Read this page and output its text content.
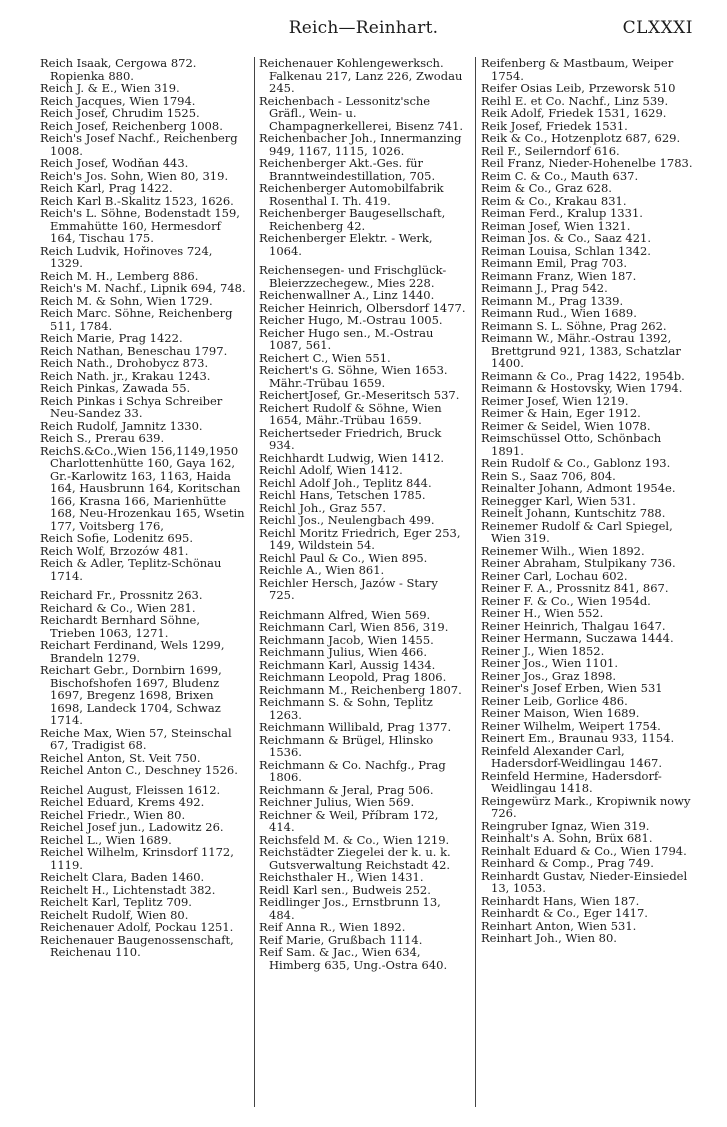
Reich—Reinhart.	CLXXXI
Reich Isaak, Cergowa 872. Ropienka 880.
Reich J. & E., Wien 319.
Reich Jacques, Wien 1794.
Reich Josef, Chrudim 1525.
Reich Josef, Reichenberg 1008.
Reich's Josef Nachf., Reichenberg 1008.
Reich Josef, Wodňan 443.
Reich's Jos. Sohn, Wien 80, 319.
Reich Karl, Prag 1422.
Reich Karl B.-Skalitz 1523, 1626.
Reich's L. Söhne, Bodenstadt 159, Emmahütte 160, Hermesdorf 164, Tischau 175.
Reich Ludvik, Hořinoves 724, 1329.
Reich M. H., Lemberg 886.
Reich's M. Nachf., Lipnik 694, 748.
Reich M. & Sohn, Wien 1729.
Reich Marc. Söhne, Reichenberg 511, 1784.
Reich Marie, Prag 1422.
Reich Nathan, Beneschau 1797.
Reich Nath., Drohobycz 873.
Reich Nath. jr., Krakau 1243.
Reich Pinkas, Zawada 55.
Reich Pinkas i Schya Schreiber Neu-Sandez 33.
Reich Rudolf, Jamnitz 1330.
Reich S., Prerau 639.
ReichS.&Co.,Wien 156,1149,1950 Charlottenhütte 160, Gaya 162, Gr.-Karlowitz 163, 1163, Haida 164, Hausbrunn 164, Koritschan 166, Krasna 166, Marienhütte 168, Neu-Hrozenkau 165, Wsetin 177, Voitsberg 176,
Reich Sofie, Lodenitz 695.
Reich Wolf, Brzozów 481.
Reich & Adler, Teplitz-Schönau 1714.
Reichard Fr., Prossnitz 263.
Reichard & Co., Wien 281.
Reichardt Bernhard Söhne, Trieben 1063, 1271.
Reichart Ferdinand, Wels 1299, Brandeln 1279.
Reichart Gebr., Dornbirn 1699, Bischofshofen 1697, Bludenz 1697, Bregenz 1698, Brixen 1698, Landeck 1704, Schwaz 1714.
Reiche Max, Wien 57, Steinschal 67, Tradigist 68.
Reichel Anton, St. Veit 750.
Reichel Anton C., Deschney 1526.
Reichel August, Fleissen 1612.
Reichel Eduard, Krems 492.
Reichel Friedr., Wien 80.
Reichel Josef jun., Ladowitz 26.
Reichel L., Wien 1689.
Reichel Wilhelm, Krinsdorf 1172, 1119.
Reichelt Clara, Baden 1460.
Reichelt H., Lichtenstadt 382.
Reichelt Karl, Teplitz 709.
Reichelt Rudolf, Wien 80.
Reichenauer Adolf, Pockau 1251.
Reichenauer Baugenossenschaft, Reichenau 110.
Reichenauer Kohlengewerksch. Falkenau 217, Lanz 226, Zwodau 245.
Reichenbach - Lessonitz'sche Gräfl., Wein- u. Champagnerkellerei, Bisenz 741.
Reichenbacher Joh., Innermanzing 949, 1167, 1115, 1026.
Reichenberger Akt.-Ges. für Branntweindestillation, 705.
Reichenberger Automobilfabrik Rosenthal I. Th. 419.
Reichenberger Baugesellschaft, Reichenberg 42.
Reichenberger Elektr. - Werk, 1064.
Reichensegen- und Frischglück-Bleierzzechegew., Mies 228.
Reichenwallner A., Linz 1440.
Reicher Heinrich, Olbersdorf 1477.
Reicher Hugo, M.-Ostrau 1005.
Reicher Hugo sen., M.-Ostrau 1087, 561.
Reichert C., Wien 551.
Reichert's G. Söhne, Wien 1653. Mähr.-Trübau 1659.
ReichertJosef, Gr.-Meseritsch 537.
Reichert Rudolf & Söhne, Wien 1654, Mähr.-Trübau 1659.
Reichertseder Friedrich, Bruck 934.
Reichhardt Ludwig, Wien 1412.
Reichl Adolf, Wien 1412.
Reichl Adolf Joh., Teplitz 844.
Reichl Hans, Tetschen 1785.
Reichl Joh., Graz 557.
Reichl Jos., Neulengbach 499.
Reichl Moritz Friedrich, Eger 253, 149, Wildstein 54.
Reichl Paul & Co., Wien 895.
Reichle A., Wien 861.
Reichler Hersch, Jazów - Stary 725.
Reichmann Alfred, Wien 569.
Reichmann Carl, Wien 856, 319.
Reichmann Jacob, Wien 1455.
Reichmann Julius, Wien 466.
Reichmann Karl, Aussig 1434.
Reichmann Leopold, Prag 1806.
Reichmann M., Reichenberg 1807.
Reichmann S. & Sohn, Teplitz 1263.
Reichmann Willibald, Prag 1377.
Reichmann & Brügel, Hlinsko 1536.
Reichmann & Co. Nachfg., Prag 1806.
Reichmann & Jeral, Prag 506.
Reichner Julius, Wien 569.
Reichner & Weil, Příbram 172, 414.
Reichsfeld M. & Co., Wien 1219.
Reichstädter Ziegelei der k. u. k. Gutsverwaltung Reichstadt 42.
Reichsthaler H., Wien 1431.
Reidl Karl sen., Budweis 252.
Reidlinger Jos., Ernstbrunn 13, 484.
Reif Anna R., Wien 1892.
Reif Marie, Grußbach 1114.
Reif Sam. & Jac., Wien 634, Himberg 635, Ung.-Ostra 640.
Reifenberg & Mastbaum, Weiper 1754.
Reifer Osias Leib, Przeworsk 510
Reihl E. et Co. Nachf., Linz 539.
Reik Adolf, Friedek 1531, 1629.
Reik Josef, Friedek 1531.
Reik & Co., Hotzenplotz 687, 629.
Reil F., Seilerndorf 616.
Reil Franz, Nieder-Hohenelbe 1783.
Reim C. & Co., Mauth 637.
Reim & Co., Graz 628.
Reim & Co., Krakau 831.
Reiman Ferd., Kralup 1331.
Reiman Josef, Wien 1321.
Reiman Jos. & Co., Saaz 421.
Reiman Louisa, Schlan 1342.
Reimann Emil, Prag 703.
Reimann Franz, Wien 187.
Reimann J., Prag 542.
Reimann M., Prag 1339.
Reimann Rud., Wien 1689.
Reimann S. L. Söhne, Prag 262.
Reimann W., Mähr.-Ostrau 1392, Brettgrund 921, 1383, Schatzlar 1400.
Reimann & Co., Prag 1422, 1954b.
Reimann & Hostovsky, Wien 1794.
Reimer Josef, Wien 1219.
Reimer & Hain, Eger 1912.
Reimer & Seidel, Wien 1078.
Reimschüssel Otto, Schönbach 1891.
Rein Rudolf & Co., Gablonz 193.
Rein S., Saaz 706, 804.
Reinalter Johann, Admont 1954e.
Reinegger Karl, Wien 531.
Reinelt Johann, Kuntschitz 788.
Reinemer Rudolf & Carl Spiegel, Wien 319.
Reinemer Wilh., Wien 1892.
Reiner Abraham, Stulpikany 736.
Reiner Carl, Lochau 602.
Reiner F. A., Prossnitz 841, 867.
Reiner F. & Co., Wien 1954d.
Reiner H., Wien 552.
Reiner Heinrich, Thalgau 1647.
Reiner Hermann, Suczawa 1444.
Reiner J., Wien 1852.
Reiner Jos., Wien 1101.
Reiner Jos., Graz 1898.
Reiner's Josef Erben, Wien 531
Reiner Leib, Gorlice 486.
Reiner Maison, Wien 1689.
Reiner Wilhelm, Weipert 1754.
Reinert Em., Braunau 933, 1154.
Reinfeld Alexander Carl, Hadersdorf-Weidlingau 1467.
Reinfeld Hermine, Hadersdorf-Weidlingau 1418.
Reingewürz Mark., Kropiwnik nowy 726.
Reingruber Ignaz, Wien 319.
Reinhalt's A. Sohn, Brüx 681.
Reinhalt Eduard & Co., Wien 1794.
Reinhard & Comp., Prag 749.
Reinhardt Gustav, Nieder-Einsiedel 13, 1053.
Reinhardt Hans, Wien 187.
Reinhardt & Co., Eger 1417.
Reinhart Anton, Wien 531.
Reinhart Joh., Wien 80.
